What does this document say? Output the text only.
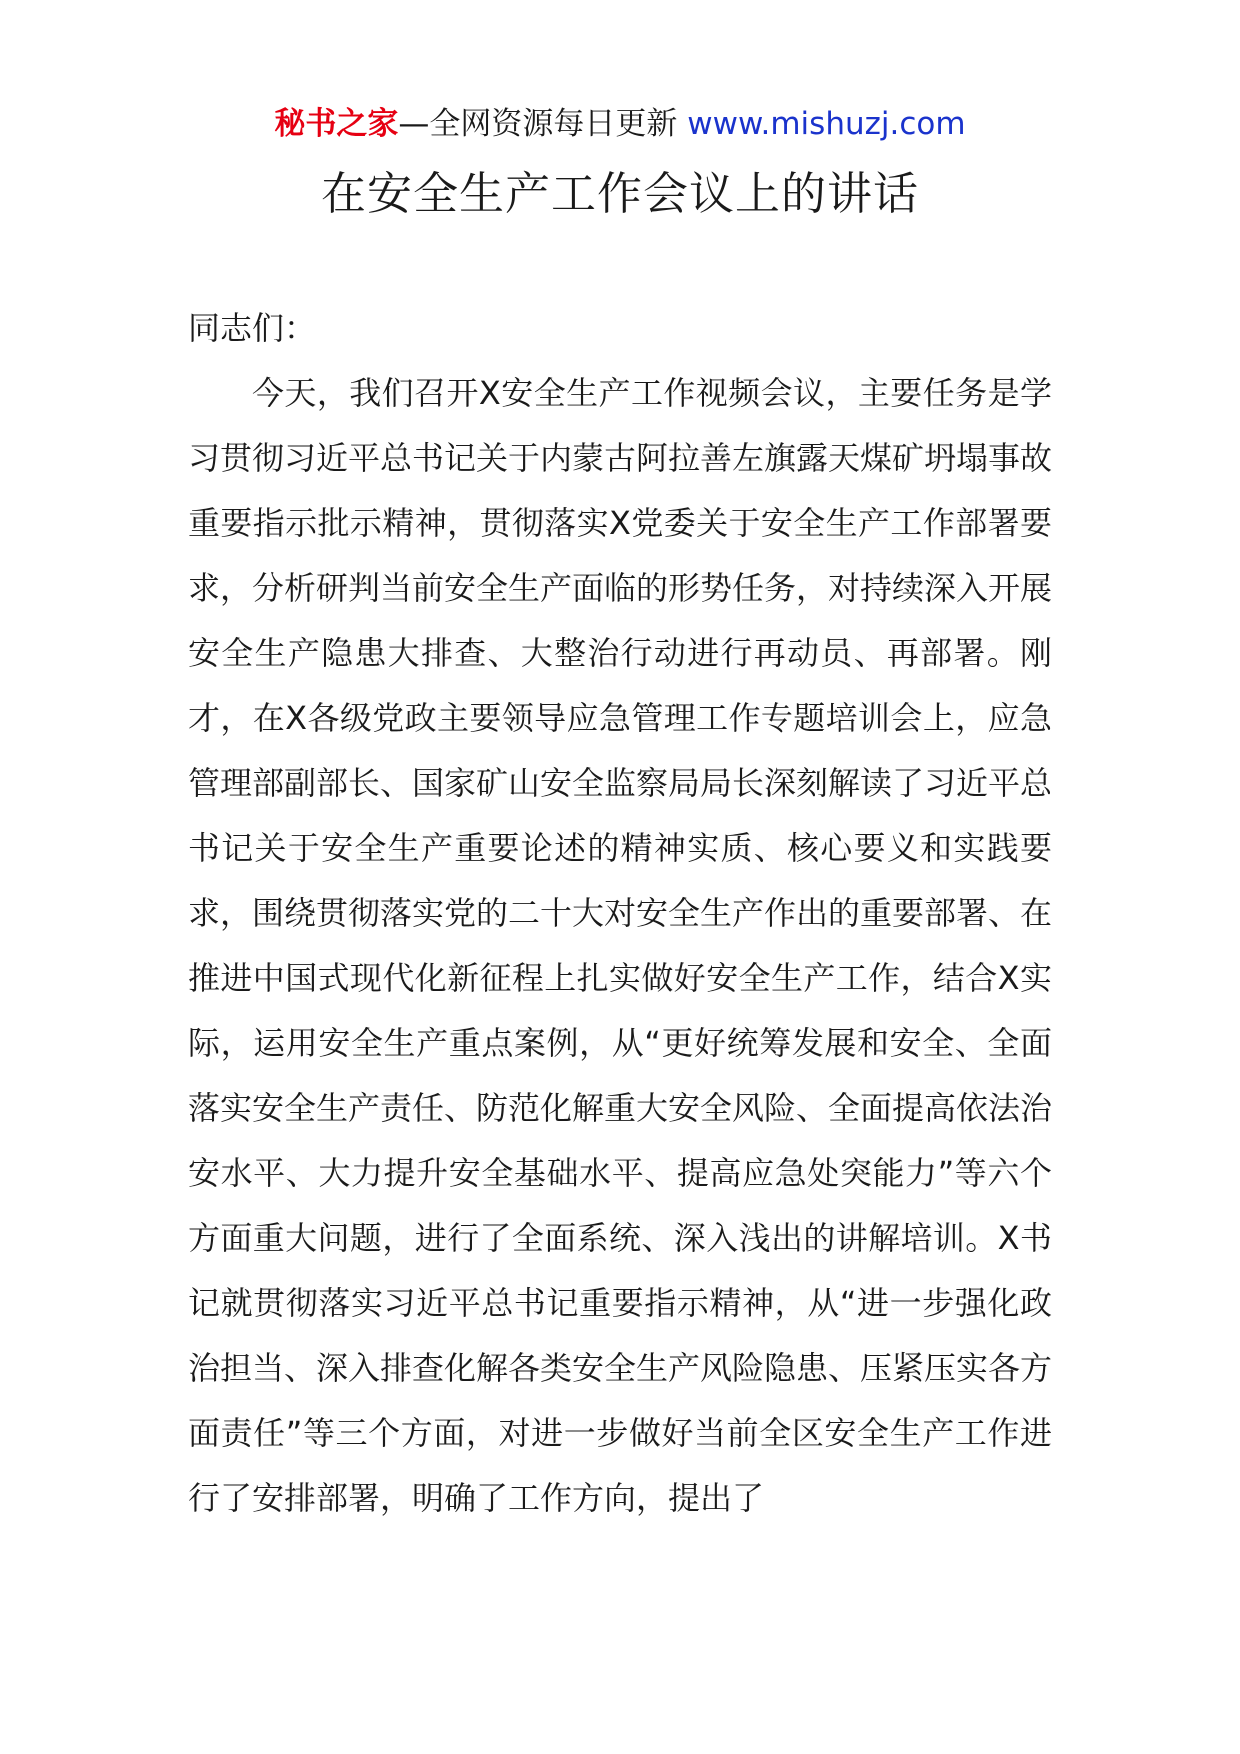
秘书之家—全网资源每日更新 www.mishuzj.com
在安全生产工作会议上的讲话
同志们：

今天，我们召开X安全生产工作视频会议，主要任务是学习贯彻习近平总书记关于内蒙古阿拉善左旗露天煤矿坍塌事故重要指示批示精神，贯彻落实X党委关于安全生产工作部署要求，分析研判当前安全生产面临的形势任务，对持续深入开展安全生产隐患大排查、大整治行动进行再动员、再部署。刚才，在X各级党政主要领导应急管理工作专题培训会上，应急管理部副部长、国家矿山安全监察局局长深刻解读了习近平总书记关于安全生产重要论述的精神实质、核心要义和实践要求，围绕贯彻落实党的二十大对安全生产作出的重要部署、在推进中国式现代化新征程上扎实做好安全生产工作，结合X实际，运用安全生产重点案例，从“更好统筹发展和安全、全面落实安全生产责任、防范化解重大安全风险、全面提高依法治安水平、大力提升安全基础水平、提高应急处突能力”等六个方面重大问题，进行了全面系统、深入浅出的讲解培训。X书记就贯彻落实习近平总书记重要指示精神，从“进一步强化政治担当、深入排查化解各类安全生产风险隐患、压紧压实各方面责任”等三个方面，对进一步做好当前全区安全生产工作进行了安排部署，明确了工作方向，提出了
